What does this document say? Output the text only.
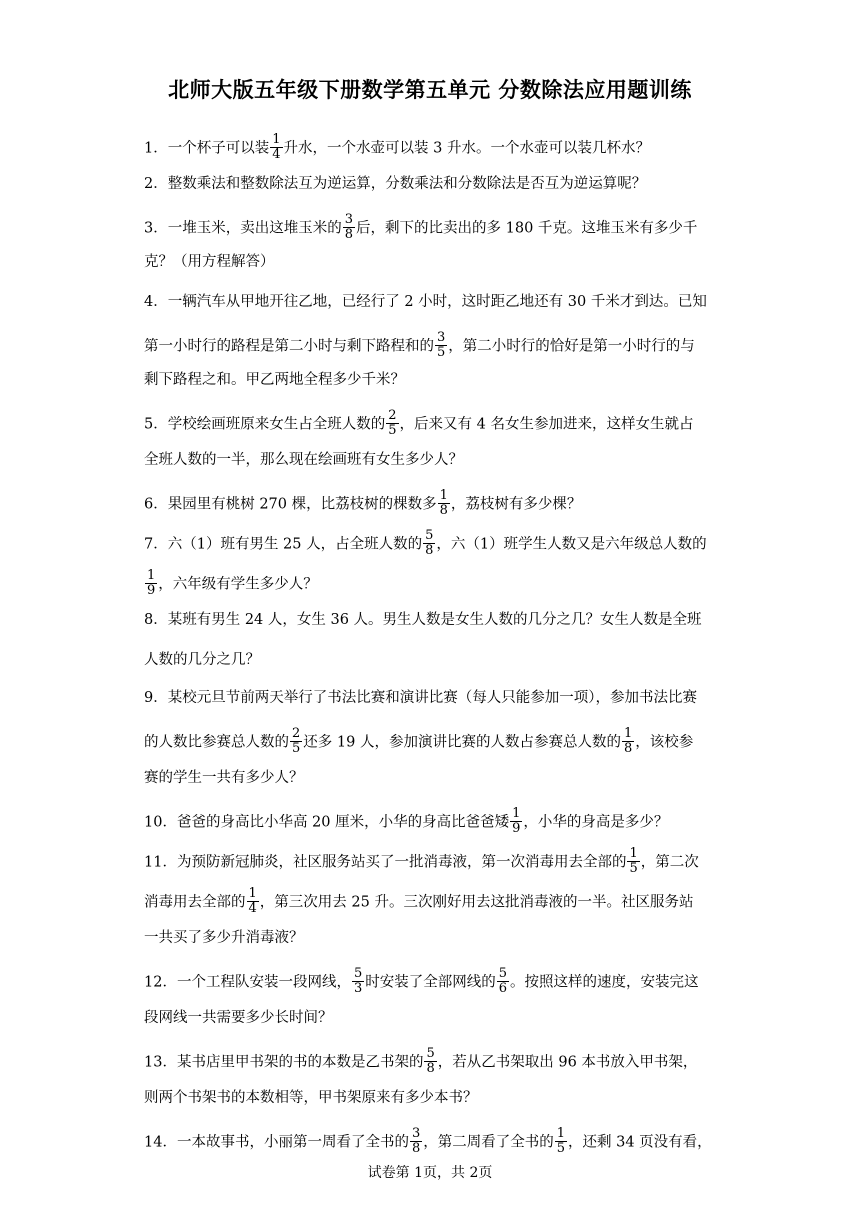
北师大版五年级下册数学第五单元 分数除法应用题训练
1．一个杯子可以装 $\frac{1}{4}$ 升水，一个水壶可以装 3 升水。一个水壶可以装几杯水？
2．整数乘法和整数除法互为逆运算，分数乘法和分数除法是否互为逆运算呢？
3．一堆玉米，卖出这堆玉米的 $\frac{3}{8}$ 后，剩下的比卖出的多 180 千克。这堆玉米有多少千
克？（用方程解答）
4．一辆汽车从甲地开往乙地，已经行了 2 小时，这时距乙地还有 30 千米才到达。已知
第一小时行的路程是第二小时与剩下路程和的 $\frac{3}{5}$ ，第二小时行的恰好是第一小时行的与
剩下路程之和。甲乙两地全程多少千米？
5．学校绘画班原来女生占全班人数的 $\frac{2}{5}$ ，后来又有 4 名女生参加进来，这样女生就占
全班人数的一半，那么现在绘画班有女生多少人？
6．果园里有桃树 270 棵，比荔枝树的棵数多 $\frac{1}{8}$ ，荔枝树有多少棵？
7．六（1）班有男生 25 人，占全班人数的 $\frac{5}{8}$ ，六（1）班学生人数又是六年级总人数的
$\frac{1}{9}$ ，六年级有学生多少人？
8．某班有男生 24 人，女生 36 人。男生人数是女生人数的几分之几？女生人数是全班
人数的几分之几？
9．某校元旦节前两天举行了书法比赛和演讲比赛（每人只能参加一项），参加书法比赛
的人数比参赛总人数的 $\frac{2}{5}$ 还多 19 人，参加演讲比赛的人数占参赛总人数的 $\frac{1}{8}$ ，该校参
赛的学生一共有多少人？
10．爸爸的身高比小华高 20 厘米，小华的身高比爸爸矮 $\frac{1}{9}$ ，小华的身高是多少？
11．为预防新冠肺炎，社区服务站买了一批消毒液，第一次消毒用去全部的 $\frac{1}{5}$ ，第二次
消毒用去全部的 $\frac{1}{4}$ ，第三次用去 25 升。三次刚好用去这批消毒液的一半。社区服务站
一共买了多少升消毒液？
12．一个工程队安装一段网线， $\frac{5}{3}$ 时安装了全部网线的 $\frac{5}{6}$ 。按照这样的速度，安装完这
段网线一共需要多少长时间？
13．某书店里甲书架的书的本数是乙书架的 $\frac{5}{8}$ ，若从乙书架取出 96 本书放入甲书架，
则两个书架书的本数相等，甲书架原来有多少本书？
14．一本故事书，小丽第一周看了全书的 $\frac{3}{8}$ ，第二周看了全书的 $\frac{1}{5}$ ，还剩 34 页没有看，
试卷第 1页，共 2页
